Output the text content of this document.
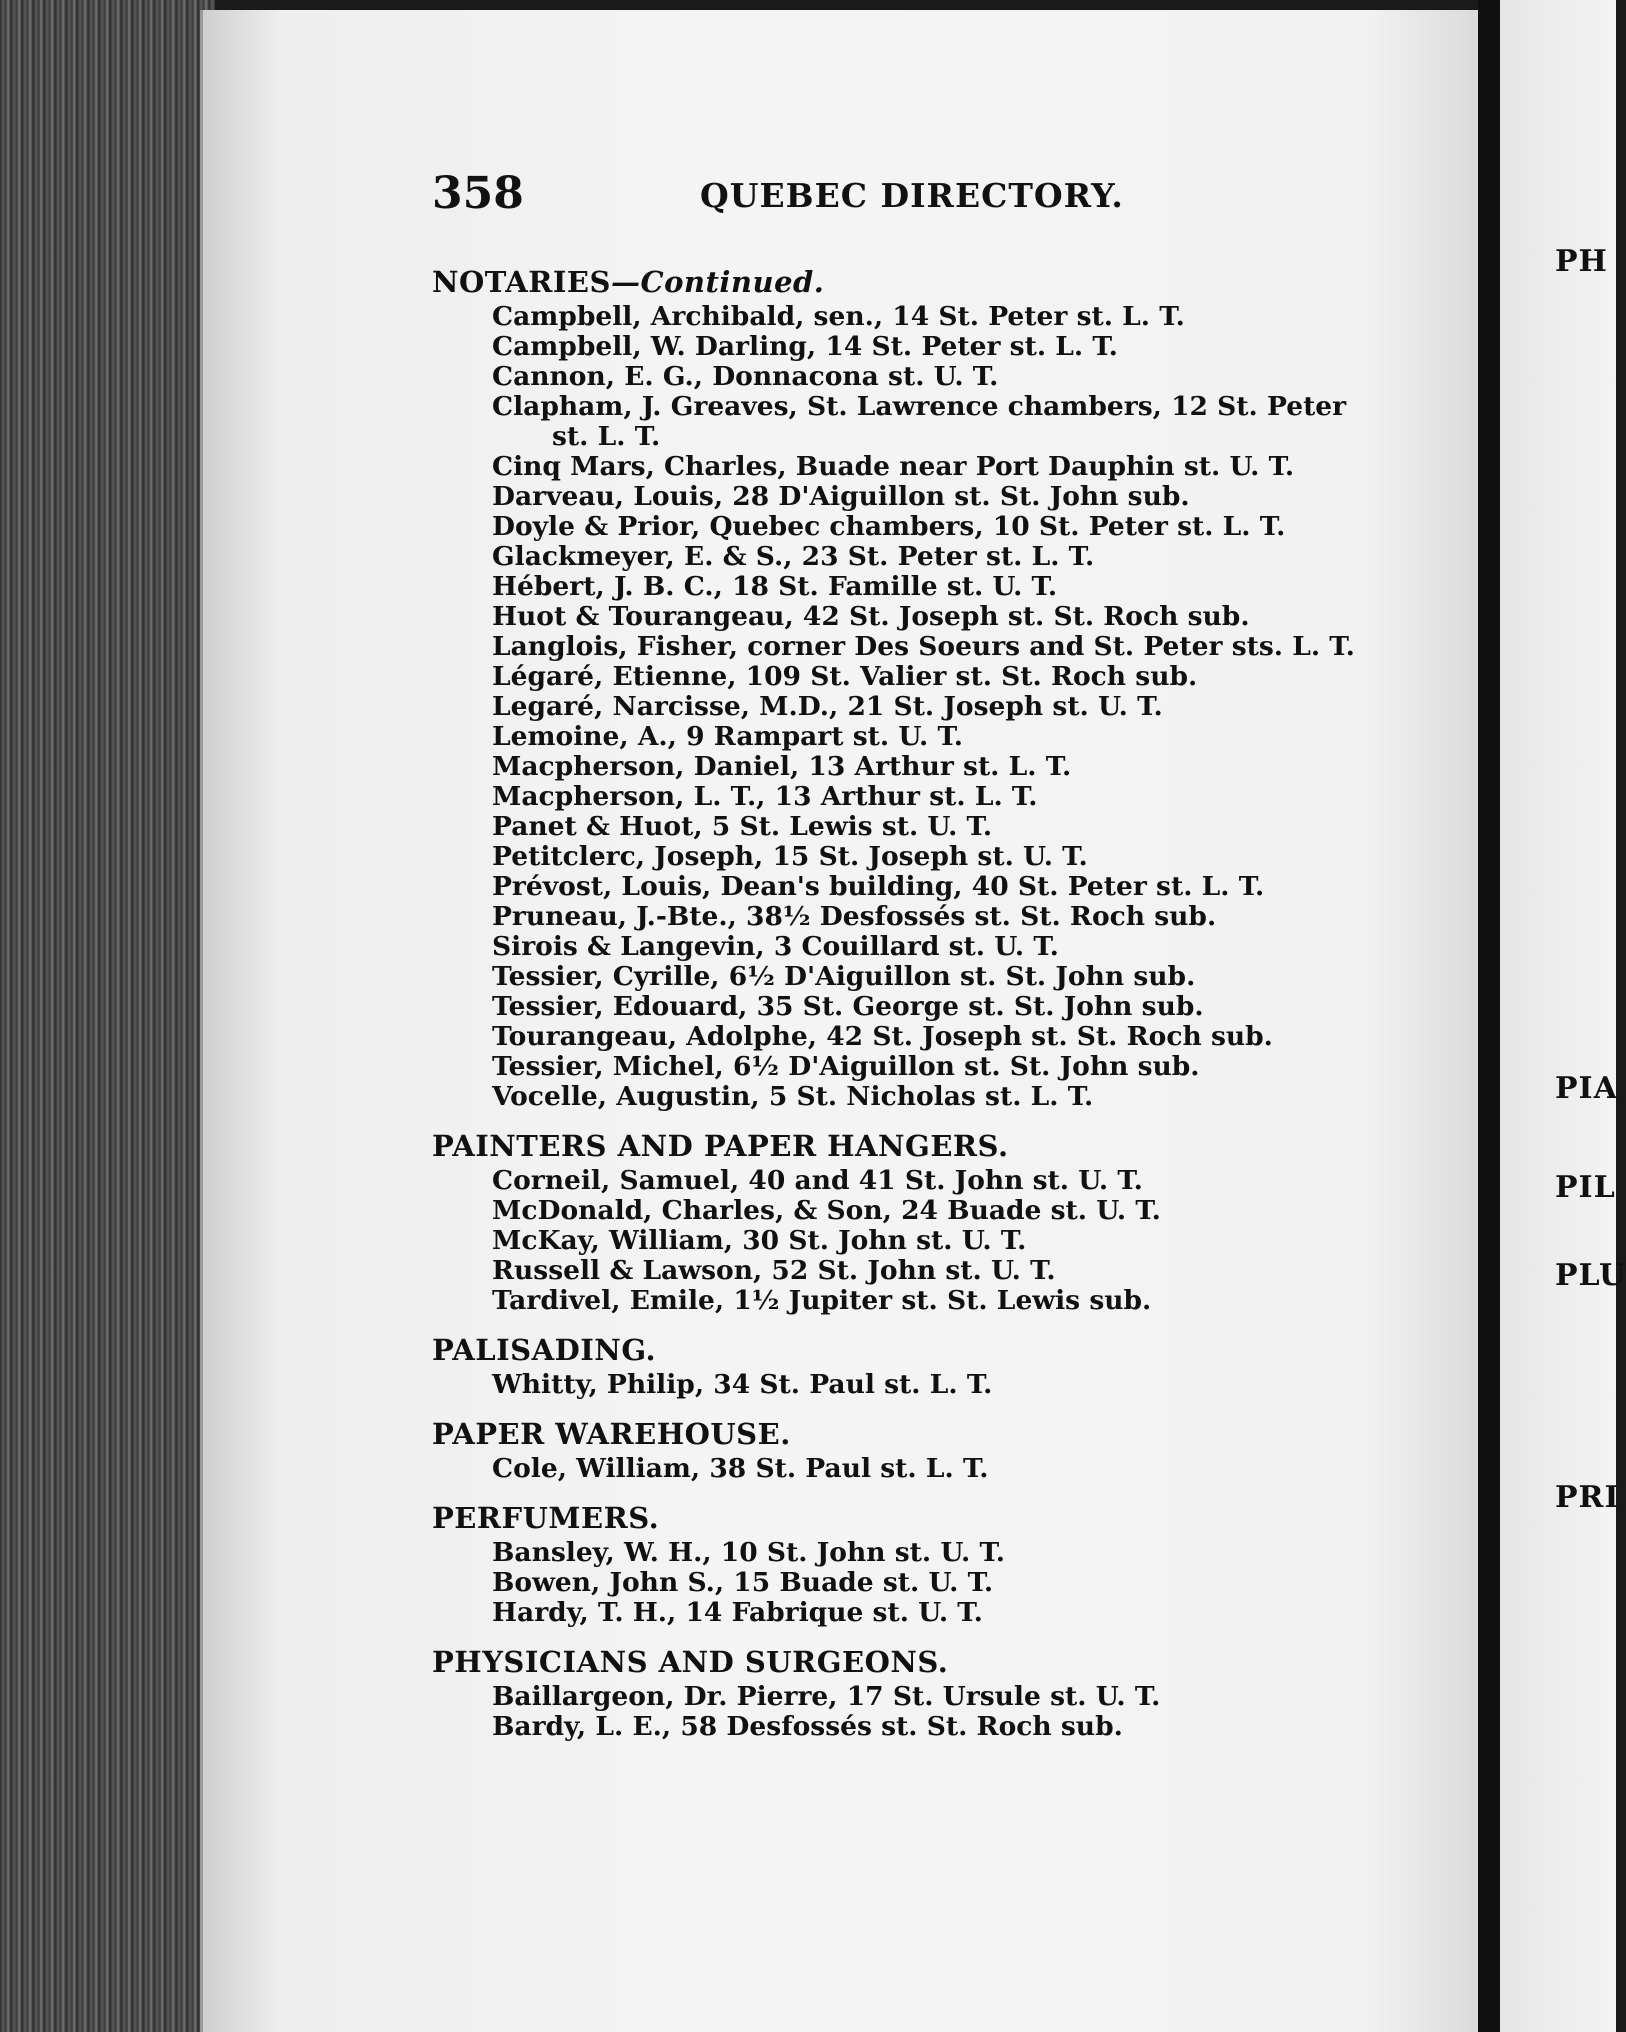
PH
PIA
PIL
PLU
PRI
358	QUEBEC DIRECTORY.
NOTARIES—Continued.
Campbell, Archibald, sen., 14 St. Peter st. L. T.
Campbell, W. Darling, 14 St. Peter st. L. T.
Cannon, E. G., Donnacona st. U. T.
Clapham, J. Greaves, St. Lawrence chambers, 12 St. Peter
st. L. T.
Cinq Mars, Charles, Buade near Port Dauphin st. U. T.
Darveau, Louis, 28 D'Aiguillon st. St. John sub.
Doyle & Prior, Quebec chambers, 10 St. Peter st. L. T.
Glackmeyer, E. & S., 23 St. Peter st. L. T.
Hébert, J. B. C., 18 St. Famille st. U. T.
Huot & Tourangeau, 42 St. Joseph st. St. Roch sub.
Langlois, Fisher, corner Des Soeurs and St. Peter sts. L. T.
Légaré, Etienne, 109 St. Valier st. St. Roch sub.
Legaré, Narcisse, M.D., 21 St. Joseph st. U. T.
Lemoine, A., 9 Rampart st. U. T.
Macpherson, Daniel, 13 Arthur st. L. T.
Macpherson, L. T., 13 Arthur st. L. T.
Panet & Huot, 5 St. Lewis st. U. T.
Petitclerc, Joseph, 15 St. Joseph st. U. T.
Prévost, Louis, Dean's building, 40 St. Peter st. L. T.
Pruneau, J.-Bte., 38½ Desfossés st. St. Roch sub.
Sirois & Langevin, 3 Couillard st. U. T.
Tessier, Cyrille, 6½ D'Aiguillon st. St. John sub.
Tessier, Edouard, 35 St. George st. St. John sub.
Tourangeau, Adolphe, 42 St. Joseph st. St. Roch sub.
Tessier, Michel, 6½ D'Aiguillon st. St. John sub.
Vocelle, Augustin, 5 St. Nicholas st. L. T.
PAINTERS AND PAPER HANGERS.
Corneil, Samuel, 40 and 41 St. John st. U. T.
McDonald, Charles, & Son, 24 Buade st. U. T.
McKay, William, 30 St. John st. U. T.
Russell & Lawson, 52 St. John st. U. T.
Tardivel, Emile, 1½ Jupiter st. St. Lewis sub.
PALISADING.
Whitty, Philip, 34 St. Paul st. L. T.
PAPER WAREHOUSE.
Cole, William, 38 St. Paul st. L. T.
PERFUMERS.
Bansley, W. H., 10 St. John st. U. T.
Bowen, John S., 15 Buade st. U. T.
Hardy, T. H., 14 Fabrique st. U. T.
PHYSICIANS AND SURGEONS.
Baillargeon, Dr. Pierre, 17 St. Ursule st. U. T.
Bardy, L. E., 58 Desfossés st. St. Roch sub.
